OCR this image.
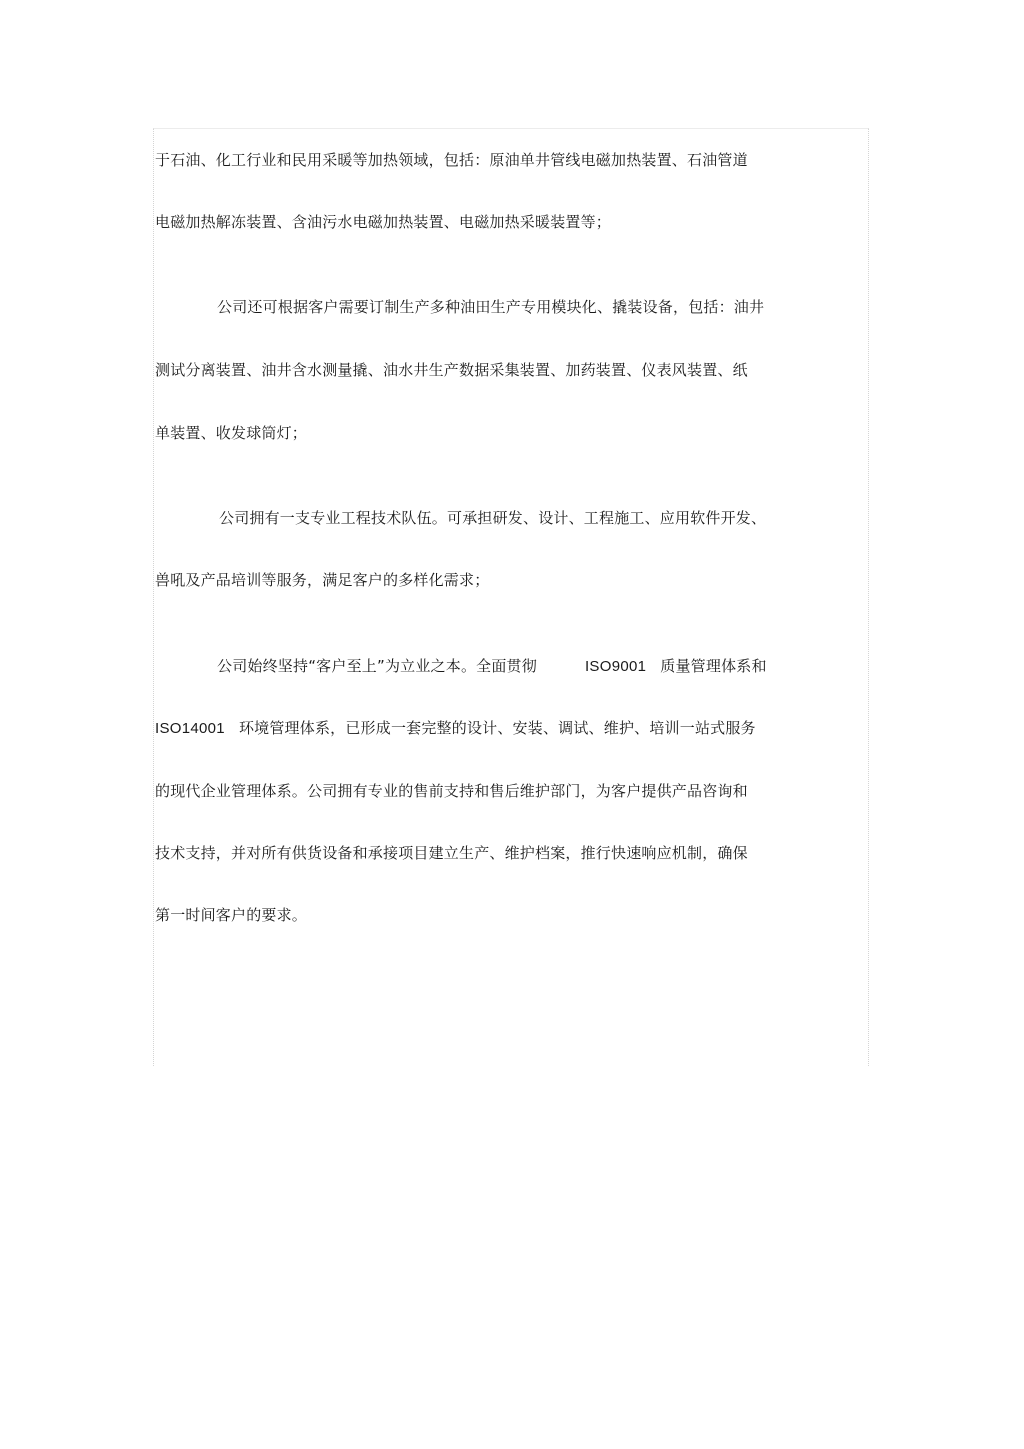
于石油、化工行业和民用采暖等加热领域，包括：原油单井管线电磁加热装置、石油管道
电磁加热解冻装置、含油污水电磁加热装置、电磁加热采暖装置等；
公司还可根据客户需要订制生产多种油田生产专用模块化、撬装设备，包括：油井
测试分离装置、油井含水测量撬、油水井生产数据采集装置、加药装置、仪表风装置、纸
单装置、收发球筒灯；
公司拥有一支专业工程技术队伍。可承担研发、设计、工程施工、应用软件开发、
兽吼及产品培训等服务，满足客户的多样化需求；
公司始终坚持“客户至上”为立业之本。全面贯彻	ISO9001 质量管理体系和
ISO14001 环境管理体系，已形成一套完整的设计、安装、调试、维护、培训一站式服务
的现代企业管理体系。公司拥有专业的售前支持和售后维护部门，为客户提供产品咨询和
技术支持，并对所有供货设备和承接项目建立生产、维护档案，推行快速响应机制，确保
第一时间客户的要求。
